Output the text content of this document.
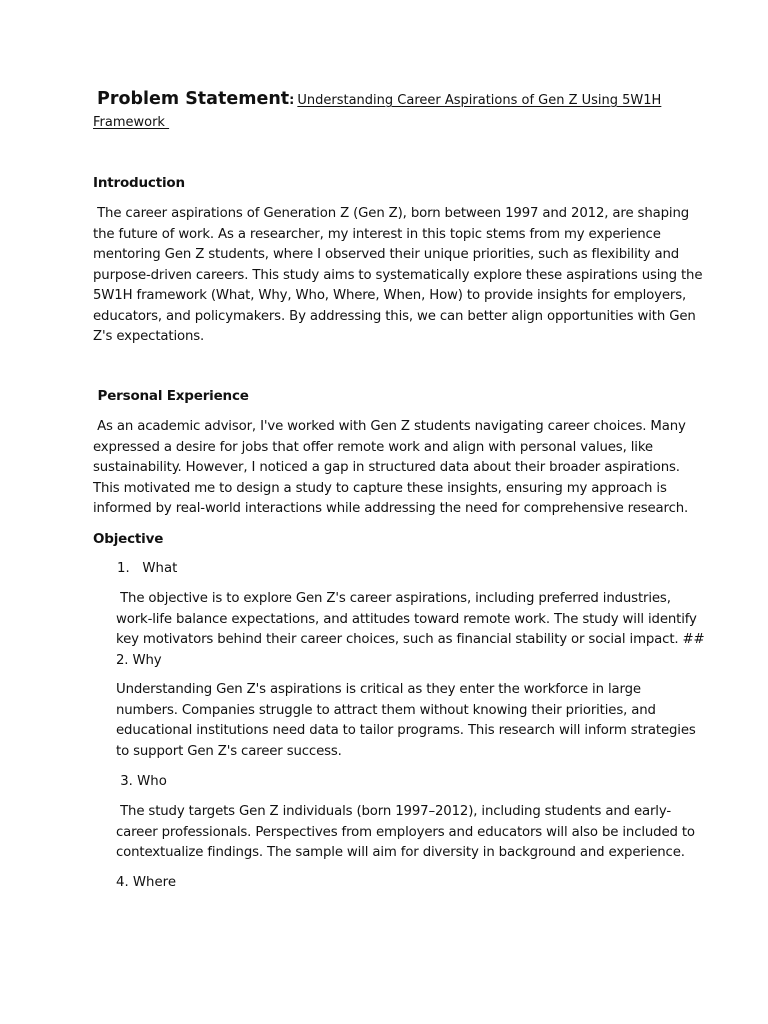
Problem Statement: Understanding Career Aspirations of Gen Z Using 5W1H
Framework
Introduction
The career aspirations of Generation Z (Gen Z), born between 1997 and 2012, are shaping
the future of work. As a researcher, my interest in this topic stems from my experience
mentoring Gen Z students, where I observed their unique priorities, such as flexibility and
purpose-driven careers. This study aims to systematically explore these aspirations using the
5W1H framework (What, Why, Who, Where, When, How) to provide insights for employers,
educators, and policymakers. By addressing this, we can better align opportunities with Gen
Z's expectations.
Personal Experience
As an academic advisor, I've worked with Gen Z students navigating career choices. Many
expressed a desire for jobs that offer remote work and align with personal values, like
sustainability. However, I noticed a gap in structured data about their broader aspirations.
This motivated me to design a study to capture these insights, ensuring my approach is
informed by real-world interactions while addressing the need for comprehensive research.
Objective
1.   What
The objective is to explore Gen Z's career aspirations, including preferred industries,
work-life balance expectations, and attitudes toward remote work. The study will identify
key motivators behind their career choices, such as financial stability or social impact. ##
2. Why
Understanding Gen Z's aspirations is critical as they enter the workforce in large
numbers. Companies struggle to attract them without knowing their priorities, and
educational institutions need data to tailor programs. This research will inform strategies
to support Gen Z's career success.
3. Who
The study targets Gen Z individuals (born 1997–2012), including students and early-
career professionals. Perspectives from employers and educators will also be included to
contextualize findings. The sample will aim for diversity in background and experience.
4. Where
